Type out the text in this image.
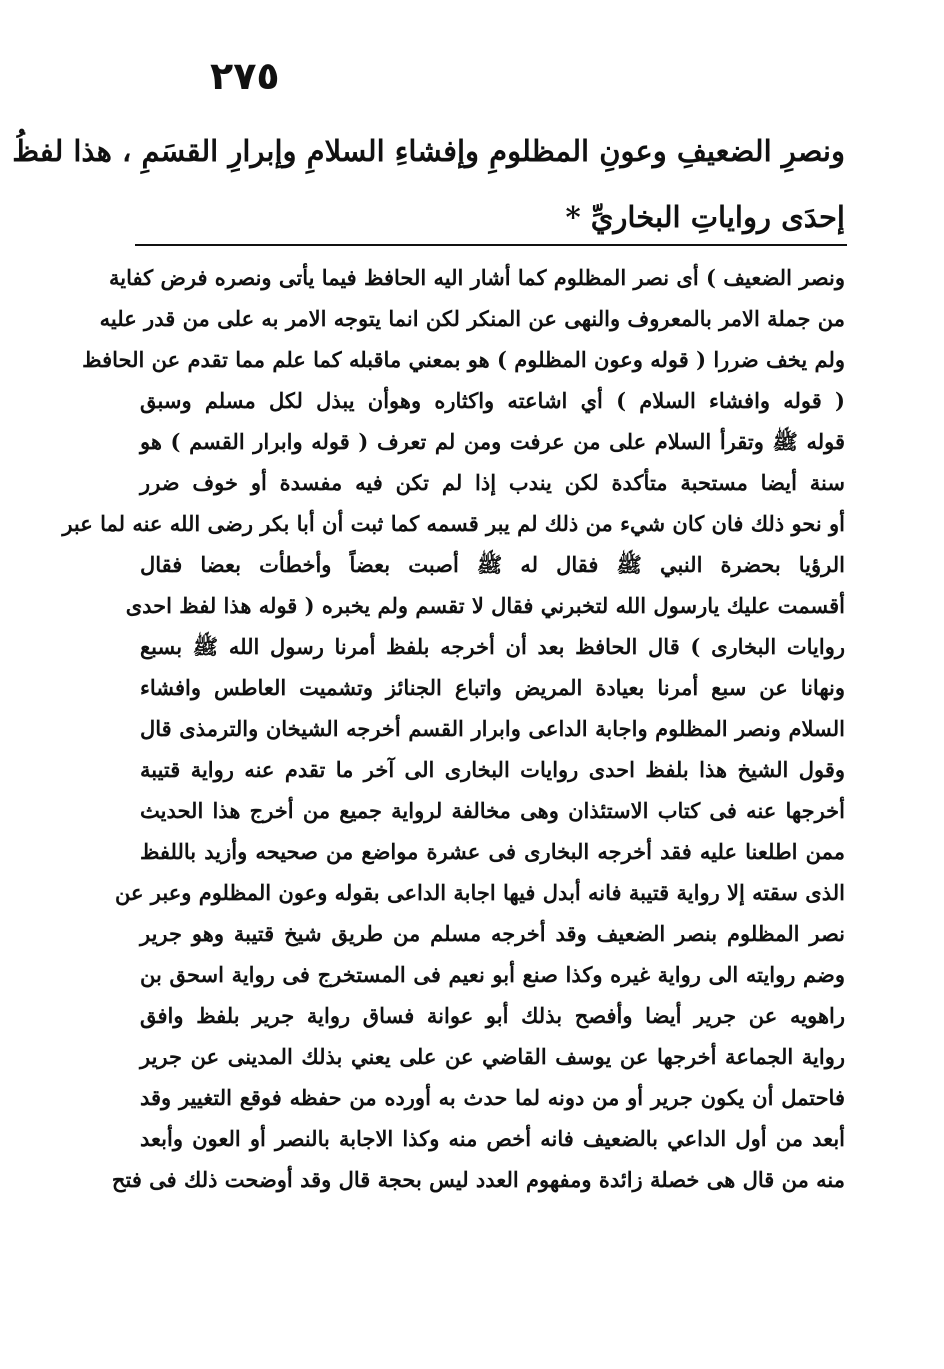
٢٧٥
ونصرِ الضعيفِ وعونِ المظلومِ وإفشاءِ السلامِ وإبرارِ القسَمِ ، هذا لفظُ
إحدَى رواياتِ البخاريِّ *
ونصر الضعيف ) أى نصر المظلوم كما أشار اليه الحافظ فيما يأتى ونصره فرض كفاية
من جملة الامر بالمعروف والنهى عن المنكر لكن انما يتوجه الامر به على من قدر عليه
ولم يخف ضررا ( قوله وعون المظلوم ) هو بمعني ماقبله كما علم مما تقدم عن الحافظ
( قوله وافشاء السلام ) أي اشاعته واكثاره وهوأن يبذل لكل مسلم وسبق
قوله ﷺ وتقرأ السلام على من عرفت ومن لم تعرف ( قوله وابرار القسم ) هو
سنة أيضا مستحبة متأكدة لكن يندب إذا لم تكن فيه مفسدة أو خوف ضرر
أو نحو ذلك فان كان شيء من ذلك لم يبر قسمه كما ثبت أن أبا بكر رضى الله عنه لما عبر
الرؤيا بحضرة النبي ﷺ فقال له ﷺ أصبت بعضاً وأخطأت بعضا فقال
أقسمت عليك يارسول الله لتخبرني فقال لا تقسم ولم يخبره ( قوله هذا لفظ احدى
روايات البخارى ) قال الحافظ بعد أن أخرجه بلفظ أمرنا رسول الله ﷺ بسبع
ونهانا عن سبع أمرنا بعيادة المريض واتباع الجنائز وتشميت العاطس وافشاء
السلام ونصر المظلوم واجابة الداعى وابرار القسم أخرجه الشيخان والترمذى قال
وقول الشيخ هذا بلفظ احدى روايات البخارى الى آخر ما تقدم عنه رواية قتيبة
أخرجها عنه فى كتاب الاستئذان وهى مخالفة لرواية جميع من أخرج هذا الحديث
ممن اطلعنا عليه فقد أخرجه البخارى فى عشرة مواضع من صحيحه وأزيد باللفظ
الذى سقته إلا رواية قتيبة فانه أبدل فيها اجابة الداعى بقوله وعون المظلوم وعبر عن
نصر المظلوم بنصر الضعيف وقد أخرجه مسلم من طريق شيخ قتيبة وهو جرير
وضم روايته الى رواية غيره وكذا صنع أبو نعيم فى المستخرج فى رواية اسحق بن
راهويه عن جرير أيضا وأفصح بذلك أبو عوانة فساق رواية جرير بلفظ وافق
رواية الجماعة أخرجها عن يوسف القاضي عن على يعني بذلك المدينى عن جرير
فاحتمل أن يكون جرير أو من دونه لما حدث به أورده من حفظه فوقع التغيير وقد
أبعد من أول الداعي بالضعيف فانه أخص منه وكذا الاجابة بالنصر أو العون وأبعد
منه من قال هى خصلة زائدة ومفهوم العدد ليس بحجة قال وقد أوضحت ذلك فى فتح
